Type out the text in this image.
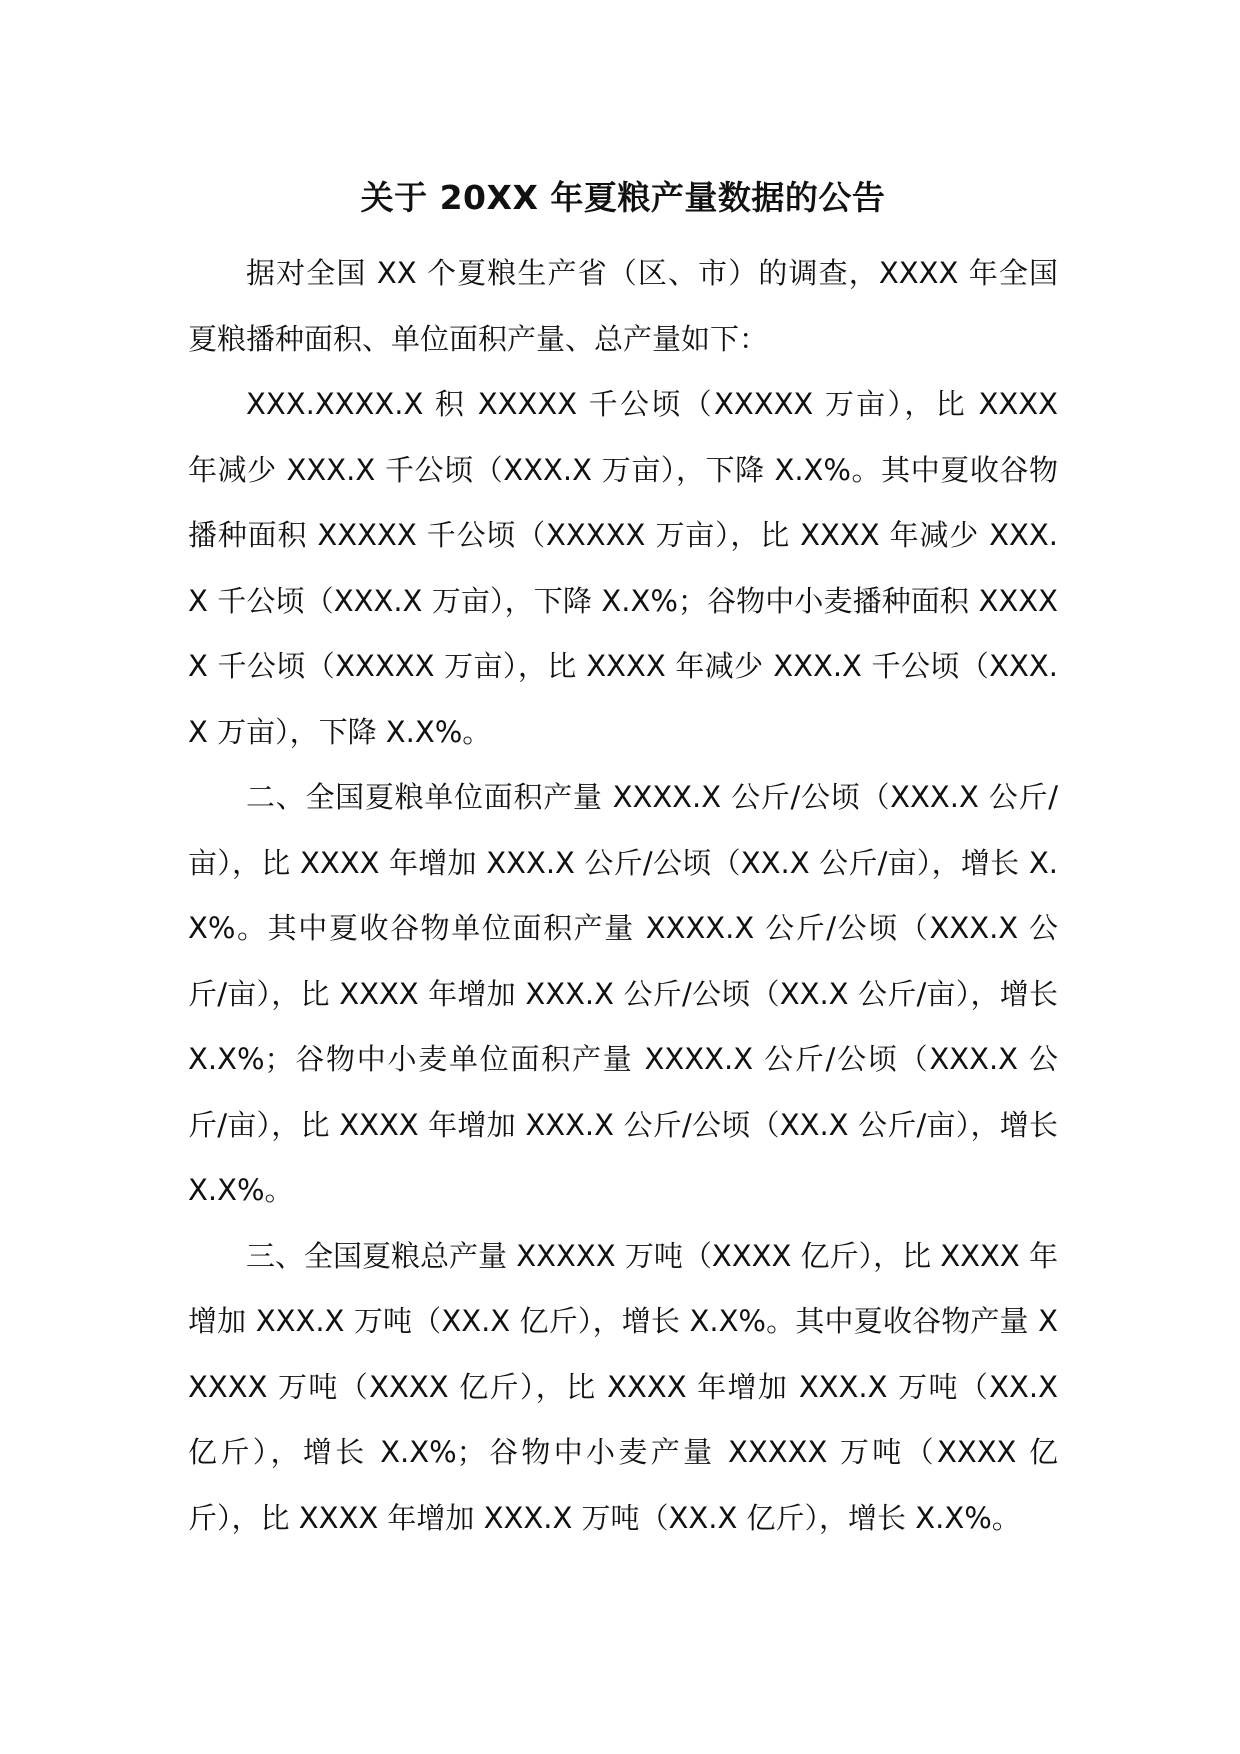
关于 20XX 年夏粮产量数据的公告

据对全国 XX 个夏粮生产省（区、市）的调查，XXXX 年全国夏粮播种面积、单位面积产量、总产量如下：

XXX.XXXX.X 积 XXXXX 千公顷（XXXXX 万亩），比 XXXX 年减少 XXX.X 千公顷（XXX.X 万亩），下降 X.X%。其中夏收谷物播种面积 XXXXX 千公顷（XXXXX 万亩），比 XXXX 年减少 XXX.X 千公顷（XXX.X 万亩），下降 X.X%；谷物中小麦播种面积 XXXXX 千公顷（XXXXX 万亩），比 XXXX 年减少 XXX.X 千公顷（XXX.X 万亩），下降 X.X%。

二、全国夏粮单位面积产量 XXXX.X 公斤/公顷（XXX.X 公斤/亩），比 XXXX 年增加 XXX.X 公斤/公顷（XX.X 公斤/亩），增长 X.X%。其中夏收谷物单位面积产量 XXXX.X 公斤/公顷（XXX.X 公斤/亩），比 XXXX 年增加 XXX.X 公斤/公顷（XX.X 公斤/亩），增长 X.X%；谷物中小麦单位面积产量 XXXX.X 公斤/公顷（XXX.X 公斤/亩），比 XXXX 年增加 XXX.X 公斤/公顷（XX.X 公斤/亩），增长 X.X%。

三、全国夏粮总产量 XXXXX 万吨（XXXX 亿斤），比 XXXX 年增加 XXX.X 万吨（XX.X 亿斤），增长 X.X%。其中夏收谷物产量 XXXXX 万吨（XXXX 亿斤），比 XXXX 年增加 XXX.X 万吨（XX.X 亿斤），增长 X.X%；谷物中小麦产量 XXXXX 万吨（XXXX 亿斤），比 XXXX 年增加 XXX.X 万吨（XX.X 亿斤），增长 X.X%。
